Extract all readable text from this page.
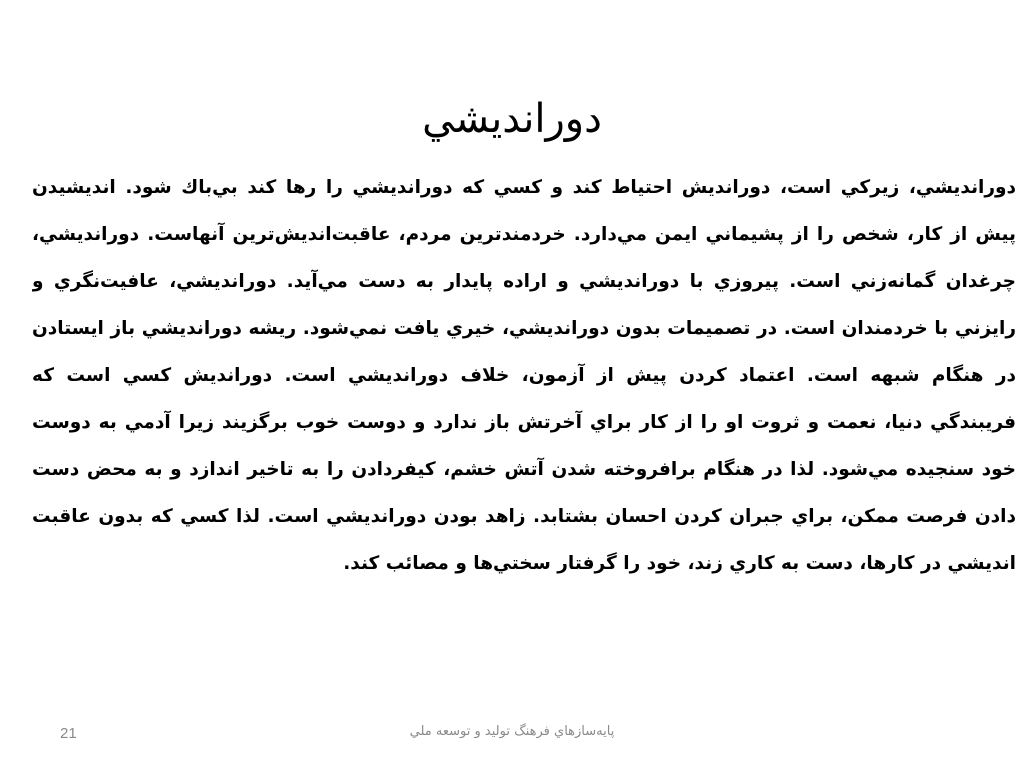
دورانديشي
دورانديشي، زيركي است، دورانديش احتياط كند و كسي كه دورانديشي را رها كند بي‌باك شود. انديشيدن پيش از كار، شخص را از پشيماني ايمن مي‌دارد. خردمندترين مردم، عاقبت‌انديش‌ترين آنهاست. دورانديشي، چرغدان گمانه‌زني است. پيروزي با دورانديشي و اراده پايدار به دست مي‌آيد. دورانديشي، عافيت‌نگري و رايزني با خردمندان است. در تصميمات بدون دورانديشي، خيري يافت نمي‌شود. ريشه دورانديشي باز ايستادن در هنگام شبهه است. اعتماد كردن پيش از آزمون، خلاف دورانديشي است. دورانديش كسي است كه فريبندگي دنيا، نعمت و ثروت او را از كار براي آخرتش باز ندارد و دوست خوب برگزيند زيرا آدمي به دوست خود سنجيده مي‌شود. لذا در هنگام برافروخته شدن آتش خشم، كيفردادن را به تاخير اندازد و به محض دست دادن فرصت ممكن، براي جبران كردن احسان بشتابد. زاهد بودن دورانديشي است. لذا كسي كه بدون عاقبت انديشي در كارها، دست به كاري زند، خود را گرفتار سختي‌ها و مصائب كند.
پايه‌سازهاي فرهنگ توليد و توسعه ملي
21
